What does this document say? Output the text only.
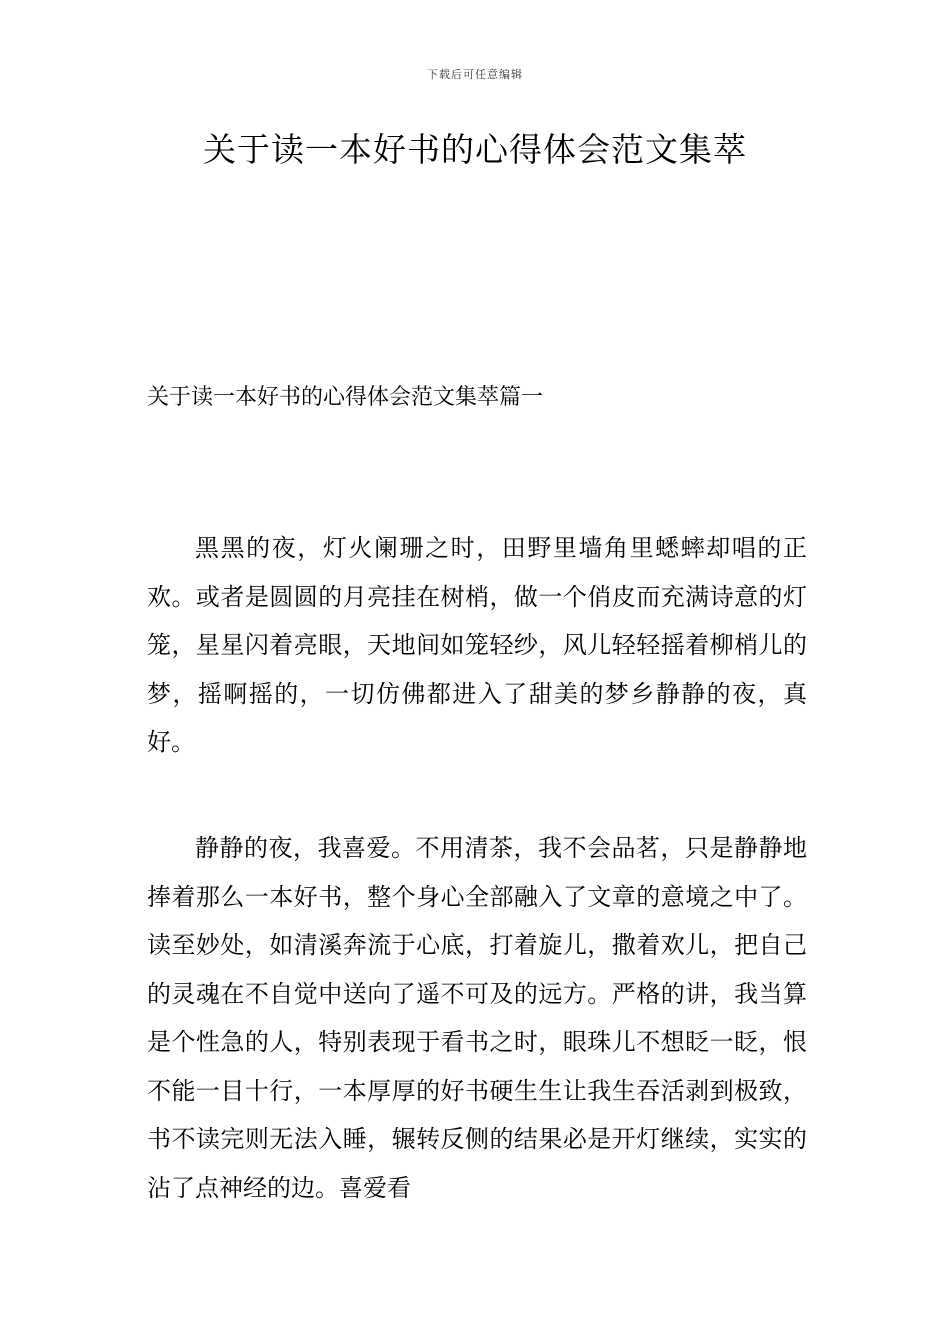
下载后可任意编辑
关于读一本好书的心得体会范文集萃
关于读一本好书的心得体会范文集萃篇一

黑黑的夜，灯火阑珊之时，田野里墙角里蟋蟀却唱的正欢。或者是圆圆的月亮挂在树梢，做一个俏皮而充满诗意的灯笼，星星闪着亮眼，天地间如笼轻纱，风儿轻轻摇着柳梢儿的梦，摇啊摇的，一切仿佛都进入了甜美的梦乡静静的夜，真好。

静静的夜，我喜爱。不用清茶，我不会品茗，只是静静地捧着那么一本好书，整个身心全部融入了文章的意境之中了。读至妙处，如清溪奔流于心底，打着旋儿，撒着欢儿，把自己的灵魂在不自觉中送向了遥不可及的远方。严格的讲，我当算是个性急的人，特别表现于看书之时，眼珠儿不想眨一眨，恨不能一目十行，一本厚厚的好书硬生生让我生吞活剥到极致，书不读完则无法入睡，辗转反侧的结果必是开灯继续，实实的沾了点神经的边。喜爱看
